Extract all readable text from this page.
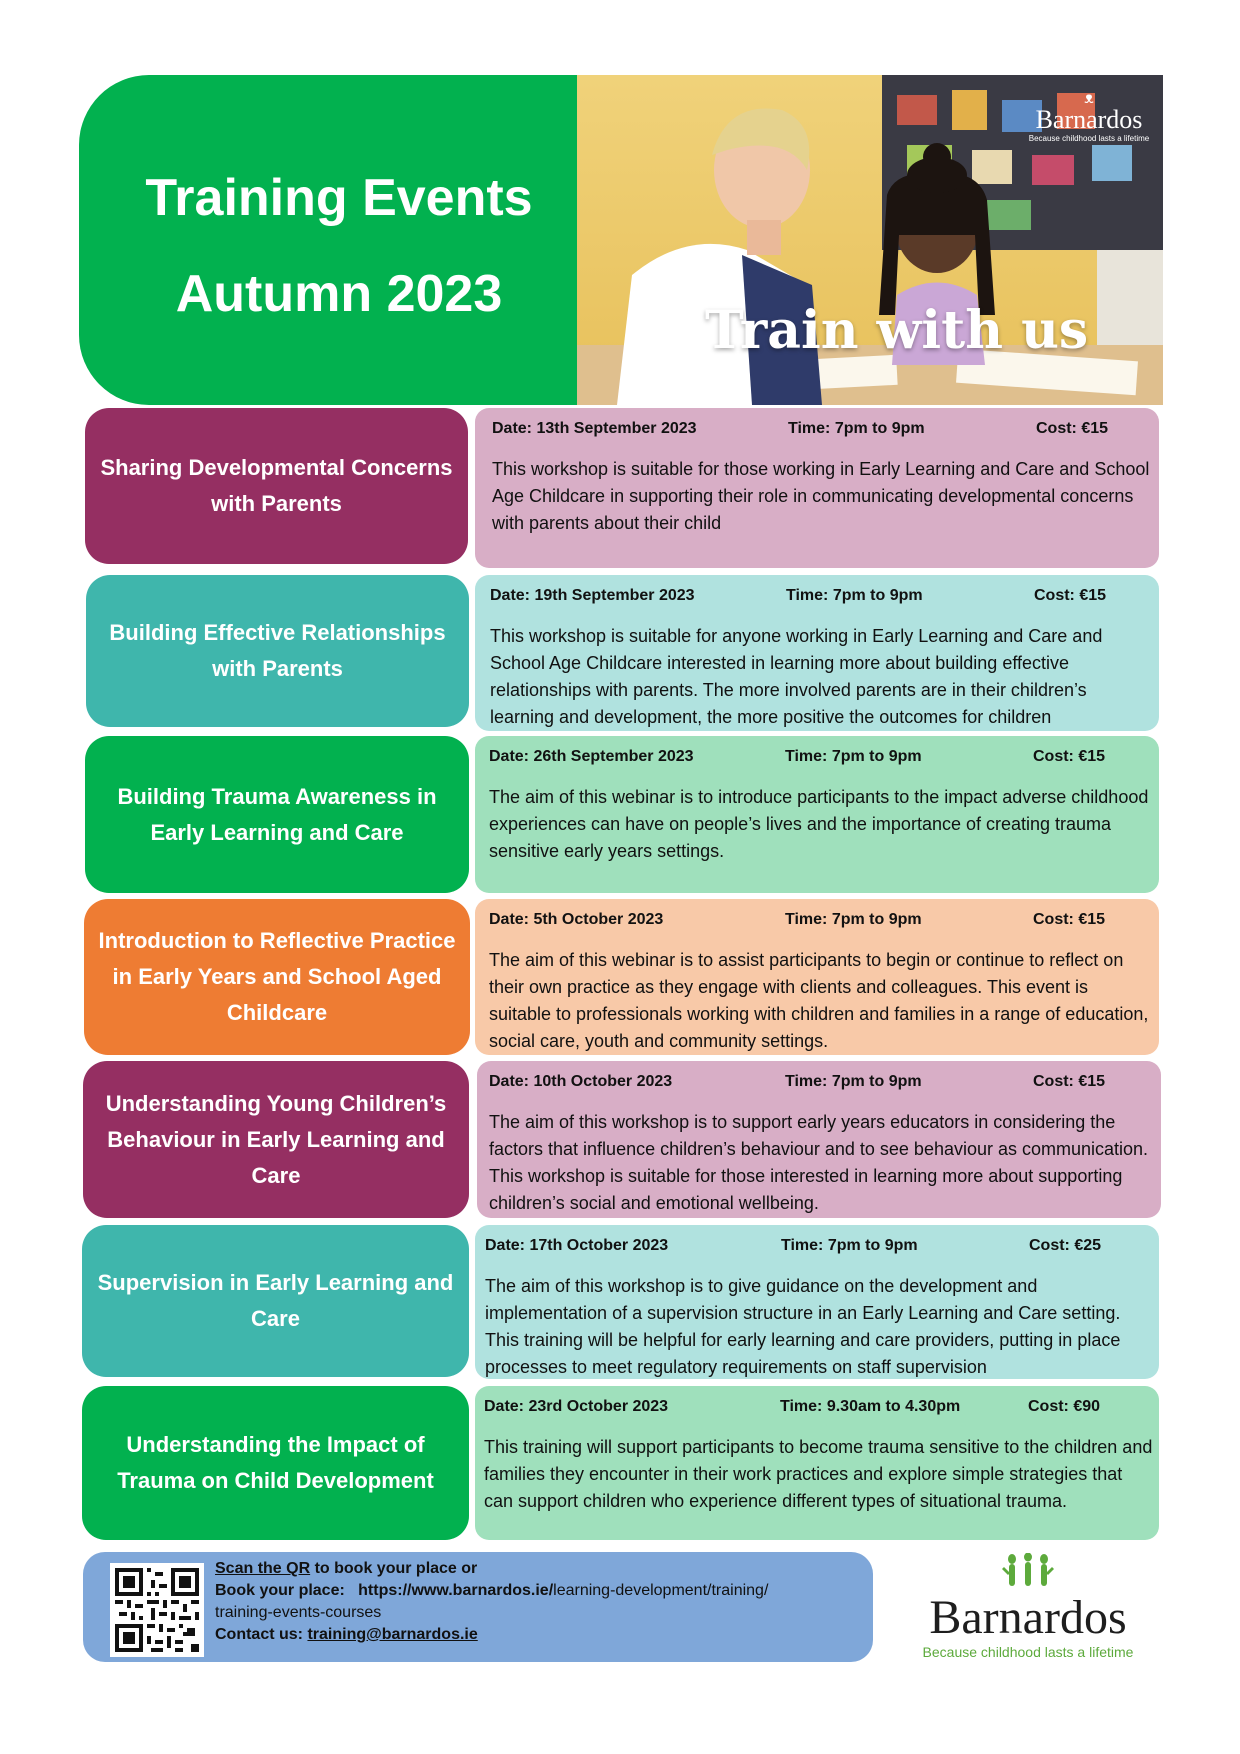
Training Events
Autumn 2023
ᴥ
Barnardos
Because childhood lasts a lifetime
Train with us
Sharing Developmental Concerns with Parents
Date: 13th September 2023	Time: 7pm to 9pm	Cost: €15
This workshop is suitable for those working in Early Learning and Care and School Age Childcare in supporting their role in communicating developmental concerns with parents about their child
Building Effective Relationships with Parents
Date: 19th September 2023	Time: 7pm to 9pm	Cost: €15
This workshop is suitable for anyone working in Early Learning and Care and School Age Childcare interested in learning more about building effective relationships with parents. The more involved parents are in their children’s learning and development, the more positive the outcomes for children
Building Trauma Awareness in Early Learning and Care
Date: 26th September 2023	Time: 7pm to 9pm	Cost: €15
The aim of this webinar is to introduce participants to the impact adverse childhood experiences can have on people’s lives and the importance of creating trauma sensitive early years settings.
Introduction to Reflective Practice in Early Years and School Aged Childcare
Date: 5th October 2023	Time: 7pm to 9pm	Cost: €15
The aim of this webinar is to assist participants to begin or continue to reflect on their own practice as they engage with clients and colleagues. This event is suitable to professionals working with children and families in a range of education, social care, youth and community settings.
Understanding Young Children’s Behaviour in Early Learning and Care
Date: 10th October 2023	Time: 7pm to 9pm	Cost: €15
The aim of this workshop is to support early years educators in considering the factors that influence children’s behaviour and to see behaviour as communication. This workshop is suitable for those interested in learning more about supporting children’s social and emotional wellbeing.
Supervision in Early Learning and Care
Date: 17th October 2023	Time: 7pm to 9pm	Cost: €25
The aim of this workshop is to give guidance on the development and implementation of a supervision structure in an Early Learning and Care setting. This training will be helpful for early learning and care providers, putting in place processes to meet regulatory requirements on staff supervision
Understanding the Impact of Trauma on Child Development
Date: 23rd October 2023	Time: 9.30am to 4.30pm	Cost: €90
This training will support participants to become trauma sensitive to the children and families they encounter in their work practices and explore simple strategies that can support children who experience different types of situational trauma.
Scan the QR to book your place or
Book your place: https://www.barnardos.ie/learning-development/training/
training-events-courses
Contact us: training@barnardos.ie	Barnardos
Because childhood lasts a lifetime
